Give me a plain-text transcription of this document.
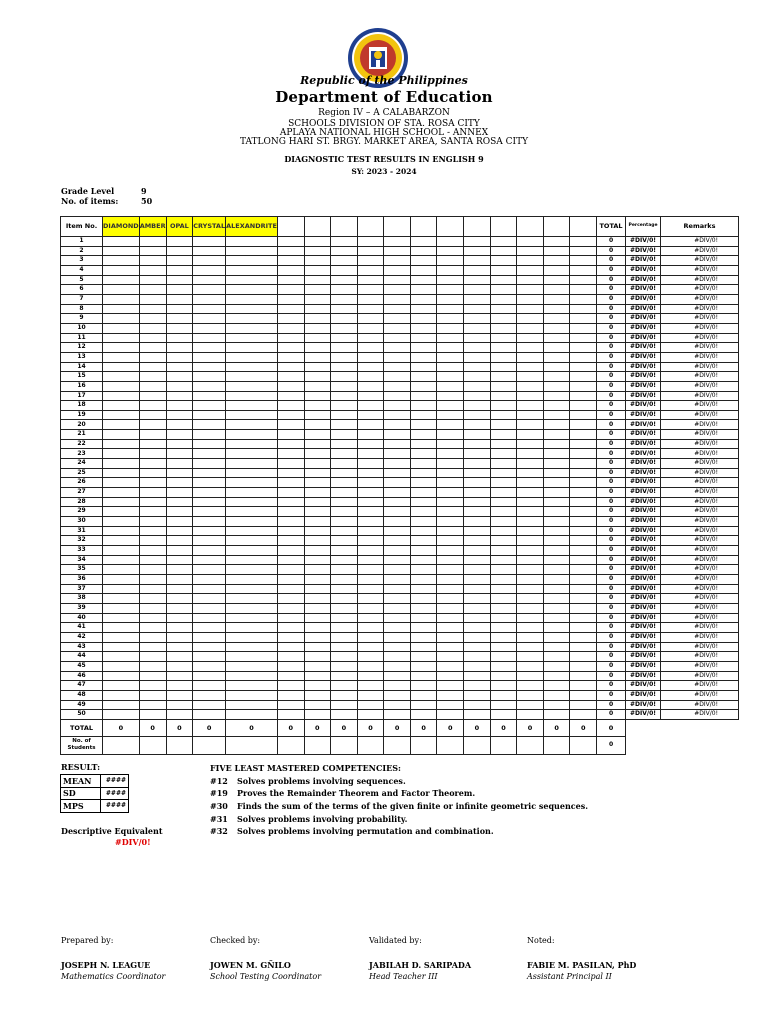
Republic of the Philippines
Department of Education
Region IV – A CALABARZON
SCHOOLS DIVISION OF STA. ROSA CITY
APLAYA NATIONAL HIGH SCHOOL - ANNEX
TATLONG HARI ST. BRGY. MARKET AREA, SANTA ROSA CITY
DIAGNOSTIC TEST RESULTS IN ENGLISH 9
SY: 2023 - 2024
Grade Level	9
No. of items:	50
Item No.	DIAMOND	AMBER	OPAL	CRYSTAL	ALEXANDRITE													TOTAL	Percentage	Remarks
1																		0	#DIV/0!	#DIV/0!
2																		0	#DIV/0!	#DIV/0!
3																		0	#DIV/0!	#DIV/0!
4																		0	#DIV/0!	#DIV/0!
5																		0	#DIV/0!	#DIV/0!
6																		0	#DIV/0!	#DIV/0!
7																		0	#DIV/0!	#DIV/0!
8																		0	#DIV/0!	#DIV/0!
9																		0	#DIV/0!	#DIV/0!
10																		0	#DIV/0!	#DIV/0!
11																		0	#DIV/0!	#DIV/0!
12																		0	#DIV/0!	#DIV/0!
13																		0	#DIV/0!	#DIV/0!
14																		0	#DIV/0!	#DIV/0!
15																		0	#DIV/0!	#DIV/0!
16																		0	#DIV/0!	#DIV/0!
17																		0	#DIV/0!	#DIV/0!
18																		0	#DIV/0!	#DIV/0!
19																		0	#DIV/0!	#DIV/0!
20																		0	#DIV/0!	#DIV/0!
21																		0	#DIV/0!	#DIV/0!
22																		0	#DIV/0!	#DIV/0!
23																		0	#DIV/0!	#DIV/0!
24																		0	#DIV/0!	#DIV/0!
25																		0	#DIV/0!	#DIV/0!
26																		0	#DIV/0!	#DIV/0!
27																		0	#DIV/0!	#DIV/0!
28																		0	#DIV/0!	#DIV/0!
29																		0	#DIV/0!	#DIV/0!
30																		0	#DIV/0!	#DIV/0!
31																		0	#DIV/0!	#DIV/0!
32																		0	#DIV/0!	#DIV/0!
33																		0	#DIV/0!	#DIV/0!
34																		0	#DIV/0!	#DIV/0!
35																		0	#DIV/0!	#DIV/0!
36																		0	#DIV/0!	#DIV/0!
37																		0	#DIV/0!	#DIV/0!
38																		0	#DIV/0!	#DIV/0!
39																		0	#DIV/0!	#DIV/0!
40																		0	#DIV/0!	#DIV/0!
41																		0	#DIV/0!	#DIV/0!
42																		0	#DIV/0!	#DIV/0!
43																		0	#DIV/0!	#DIV/0!
44																		0	#DIV/0!	#DIV/0!
45																		0	#DIV/0!	#DIV/0!
46																		0	#DIV/0!	#DIV/0!
47																		0	#DIV/0!	#DIV/0!
48																		0	#DIV/0!	#DIV/0!
49																		0	#DIV/0!	#DIV/0!
50																		0	#DIV/0!	#DIV/0!
TOTAL	0	0	0	0	0	0	0	0	0	0	0	0	0	0	0	0	0	0		
No. of Students																		0		
RESULT:
MEAN	####
SD	####
MPS	####
Descriptive Equivalent
#DIV/0!
FIVE LEAST MASTERED COMPETENCIES:
#12 Solves problems involving sequences.
#19 Proves the Remainder Theorem and Factor Theorem.
#30 Finds the sum of the terms of the given finite or infinite geometric sequences.
#31 Solves problems involving probability.
#32 Solves problems involving permutation and combination.
Prepared by:
JOSEPH N. LEAGUE
Mathematics Coordinator
Checked by:
JOWEN M. GÑILO
School Testing Coordinator
Validated by:
JABILAH D. SARIPADA
Head Teacher III
Noted:
FABIE M. PASILAN, PhD
Assistant Principal II
